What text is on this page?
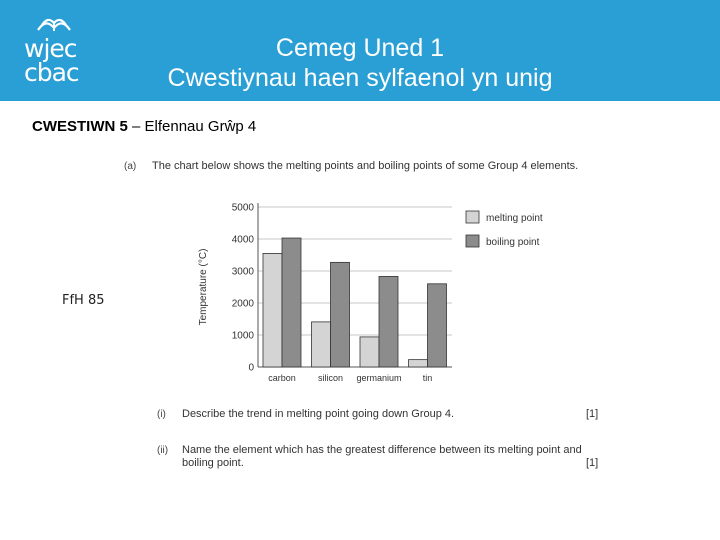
wjec
cbac
Cemeg Uned 1
Cwestiynau haen sylfaenol yn unig
CWESTIWN 5 – Elfennau Grŵp 4
FfH 85
(a) The chart below shows the melting points and boiling points of some Group 4 elements.
0
1000
2000
3000
4000
5000
Temperature (°C)
carbon silicon germanium tin
melting point
boiling point
(i) Describe the trend in melting point going down Group 4.	[1]
(ii) Name the element which has the greatest difference between its melting point and
boiling point.	[1]
